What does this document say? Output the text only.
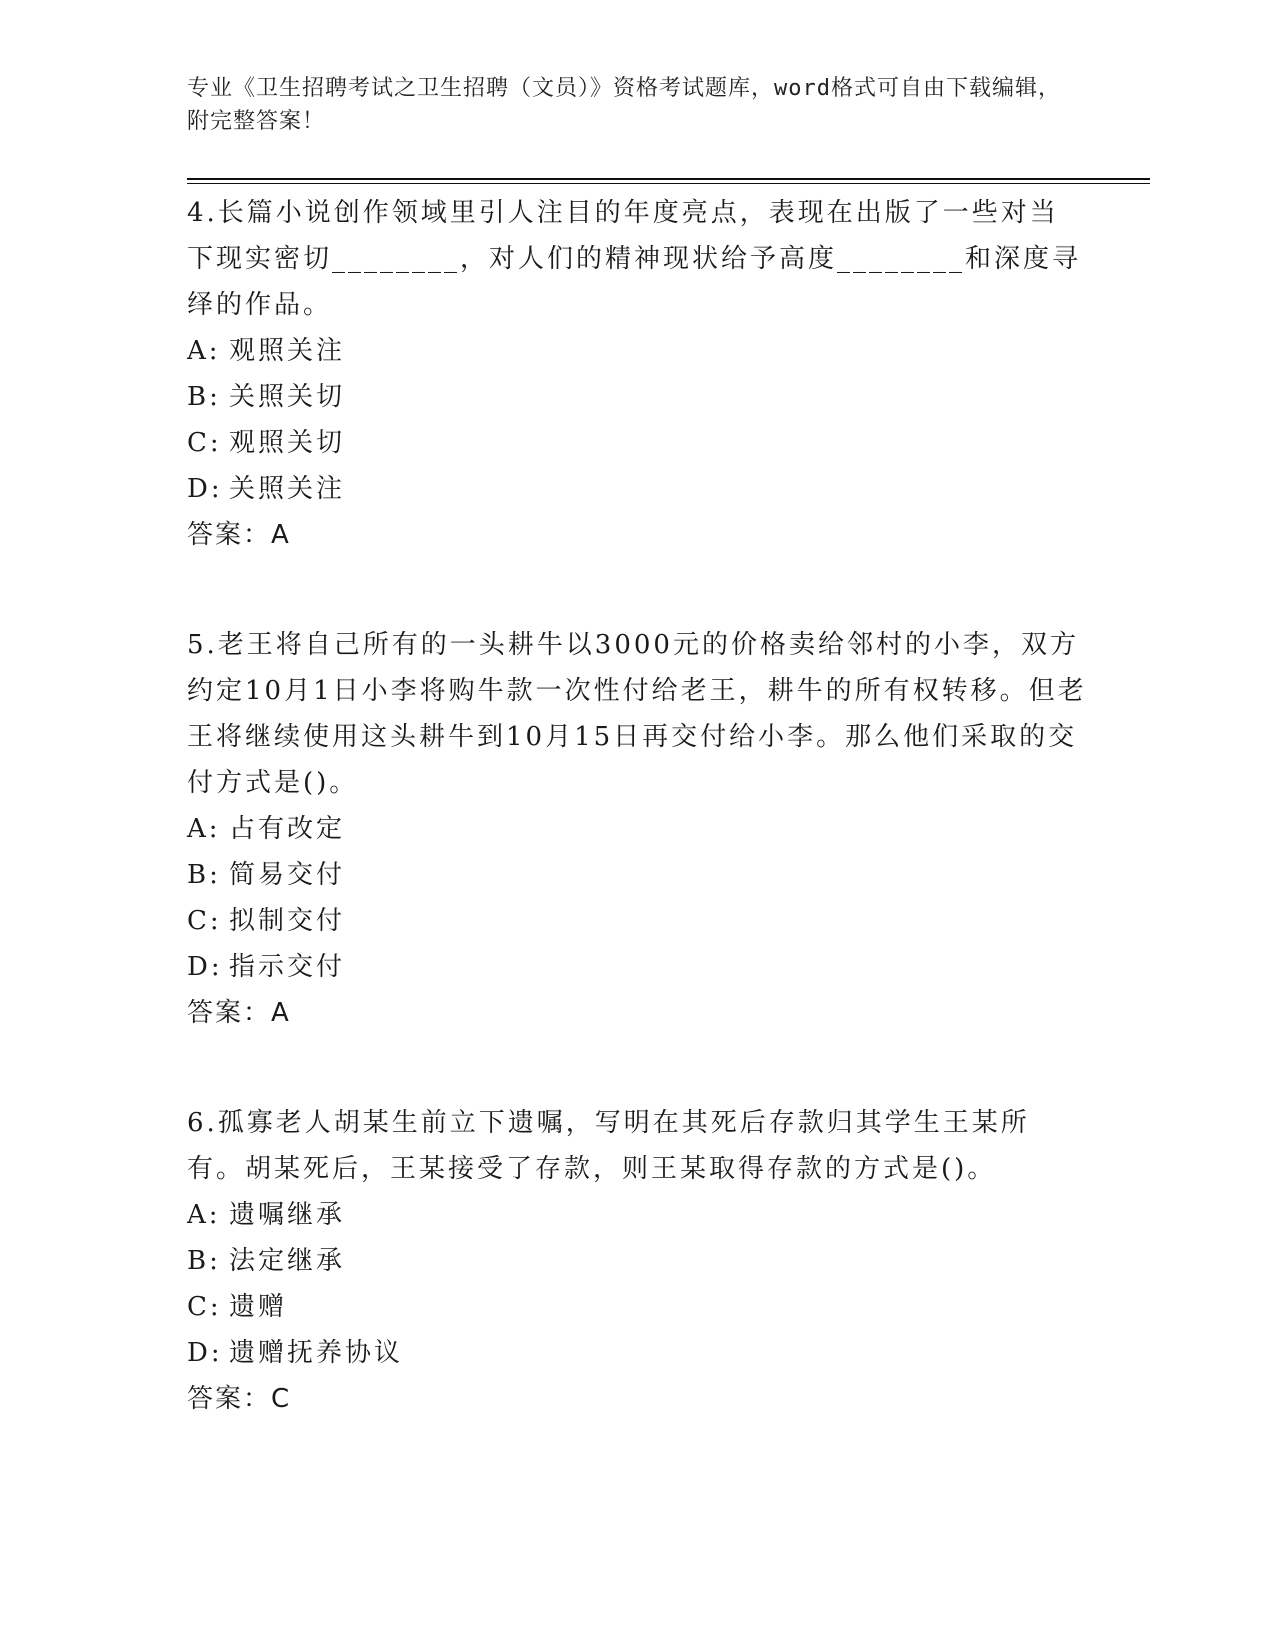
专业《卫生招聘考试之卫生招聘（文员）》资格考试题库，word格式可自由下载编辑，附完整答案！

4.长篇小说创作领域里引人注目的年度亮点，表现在出版了一些对当下现实密切________，对人们的精神现状给予高度________和深度寻绎的作品。

A: 观照关注
B: 关照关切
C: 观照关切
D: 关照关注

答案：A

5.老王将自己所有的一头耕牛以3000元的价格卖给邻村的小李，双方约定10月1日小李将购牛款一次性付给老王，耕牛的所有权转移。但老王将继续使用这头耕牛到10月15日再交付给小李。那么他们采取的交付方式是()。

A: 占有改定
B: 简易交付
C: 拟制交付
D: 指示交付

答案：A

6.孤寡老人胡某生前立下遗嘱，写明在其死后存款归其学生王某所有。胡某死后，王某接受了存款，则王某取得存款的方式是()。

A: 遗嘱继承
B: 法定继承
C: 遗赠
D: 遗赠抚养协议

答案：C
